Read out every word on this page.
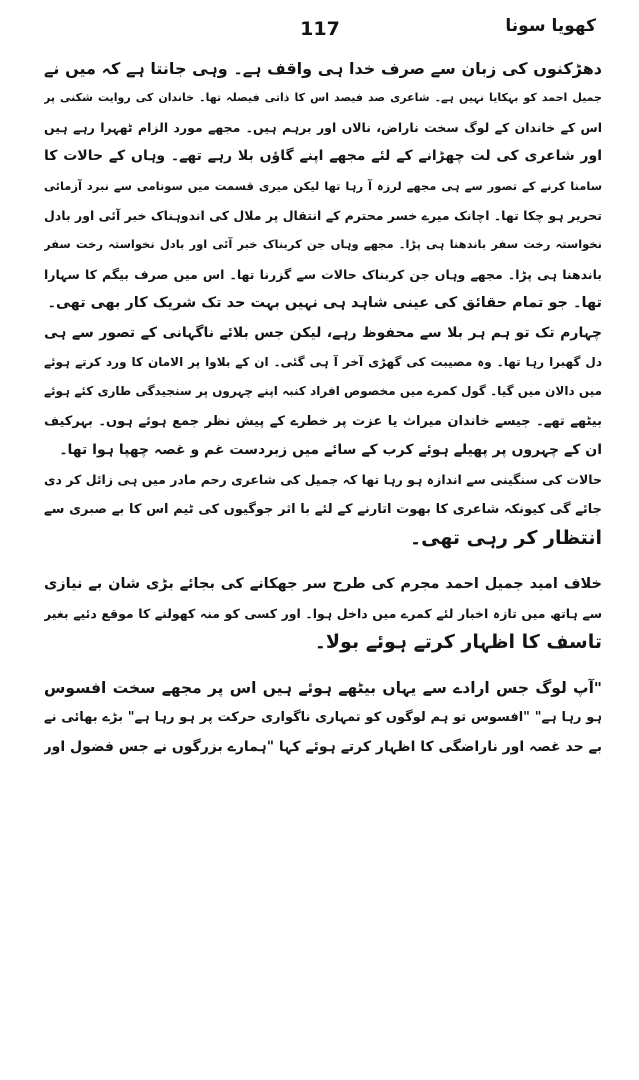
117	کھویا سونا

دھڑکنوں کی زبان سے صرف خدا ہی واقف ہے۔ وہی جانتا ہے کہ میں نے

جمیل احمد کو بہکایا نہیں ہے۔ شاعری صد فیصد اس کا ذاتی فیصلہ تھا۔ خاندان کی روایت شکنی پر

اس کے خاندان کے لوگ سخت ناراض، نالاں اور برہم ہیں۔ مجھے مورد الزام ٹھہرا رہے ہیں

اور شاعری کی لت چھڑانے کے لئے مجھے اپنے گاؤں بلا رہے تھے۔ وہاں کے حالات کا

سامنا کرنے کے تصور سے ہی مجھے لرزہ آ رہا تھا لیکن میری قسمت میں سونامی سے نبرد آزمائی

تحریر ہو چکا تھا۔ اچانک میرے خسر محترم کے انتقال پر ملال کی اندوہناک خبر آئی اور بادل

نخواستہ رخت سفر باندھنا ہی پڑا۔ مجھے وہاں جن کربناک خبر آئی اور بادل نخواستہ رخت سفر

باندھنا ہی پڑا۔ مجھے وہاں جن کربناک حالات سے گزرنا تھا۔ اس میں صرف بیگم کا سہارا

تھا۔ جو تمام حقائق کی عینی شاہد ہی نہیں بہت حد تک شریک کار بھی تھی۔

چہارم تک تو ہم ہر بلا سے محفوظ رہے، لیکن جس بلائے ناگہانی کے تصور سے ہی

دل گھبرا رہا تھا۔ وہ مصیبت کی گھڑی آخر آ ہی گئی۔ ان کے بلاوا پر الامان کا ورد کرتے ہوئے

میں دالان میں گیا۔ گول کمرے میں مخصوص افراد کنبہ اپنے چہروں پر سنجیدگی طاری کئے ہوئے

بیٹھے تھے۔ جیسے خاندان میراث یا عزت پر خطرے کے پیش نظر جمع ہوئے ہوں۔ بہرکیف

ان کے چہروں پر پھیلے ہوئے کرب کے سائے میں زبردست غم و غصہ چھپا ہوا تھا۔

حالات کی سنگینی سے اندازہ ہو رہا تھا کہ جمیل کی شاعری رحم مادر میں ہی زائل کر دی

جائے گی کیونکہ شاعری کا بھوت اتارنے کے لئے با اثر جوگیوں کی ٹیم اس کا بے صبری سے

انتظار کر رہی تھی۔

خلاف امید جمیل احمد مجرم کی طرح سر جھکانے کی بجائے بڑی شان بے نیازی

سے ہاتھ میں تازہ اخبار لئے کمرے میں داخل ہوا۔ اور کسی کو منہ کھولنے کا موقع دئیے بغیر

تاسف کا اظہار کرتے ہوئے بولا۔

"آپ لوگ جس ارادے سے یہاں بیٹھے ہوئے ہیں اس پر مجھے سخت افسوس

ہو رہا ہے" "افسوس تو ہم لوگوں کو تمہاری ناگواری حرکت پر ہو رہا ہے" بڑے بھائی نے

بے حد غصہ اور ناراضگی کا اظہار کرتے ہوئے کہا "ہمارے بزرگوں نے جس فضول اور
